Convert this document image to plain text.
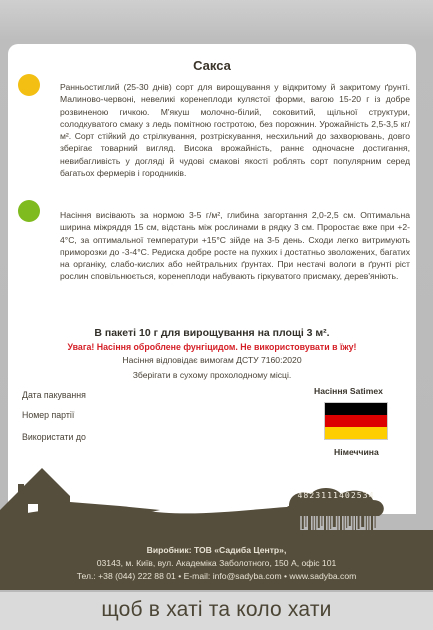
Сакса
Ранньостиглий (25-30 днів) сорт для вирощування у відкритому й закритому ґрунті. Малиново-червоні, невеликі коренеплоди кулястої форми, вагою 15-20 г із добре розвиненою гичкою. М'якуш молочно-білий, соковитий, щільної структури, солодкуватого смаку з ледь помітною гостротою, без порожнин. Урожайність 2,5-3,5 кг/м². Сорт стійкий до стрілкування, розтріскування, несхильний до захворювань, довго зберігає товарний вигляд. Висока врожайність, раннє одночасне достигання, невибагливість у догляді й чудові смакові якості роблять сорт популярним серед багатьох фермерів і городників.
Насіння висівають за нормою 3-5 г/м², глибина загортання 2,0-2,5 см. Оптимальна ширина міжряддя 15 см, відстань між рослинами в рядку 3 см. Проростає вже при +2-4°С, за оптимальної температури +15°С зійде на 3-5 день. Сходи легко витримують приморозки до -3-4°С. Редиска добре росте на пухких і достатньо зволожених, багатих на органіку, слабо-кислих або нейтральних ґрунтах. При нестачі вологи в ґрунті ріст рослин сповільнюється, коренеплоди набувають гіркуватого присмаку, дерев'яніють.
В пакеті 10 г для вирощування на площі 3 м².
Увага! Насіння оброблене фунгіцидом. Не використовувати в їжу!
Насіння відповідає вимогам ДСТУ 7160:2020
Зберігати в сухому прохолодному місці.
Дата пакування
Номер партії
Використати до
Насіння Satimex
Німеччина
4823111402534
Виробник: ТОВ «Садиба Центр»,
03143, м. Київ, вул. Академіка Заболотного, 150 А, офіс 101
Тел.: +38 (044) 222 88 01 • E-mail: info@sadyba.com • www.sadyba.com
щоб в хаті та коло хати
